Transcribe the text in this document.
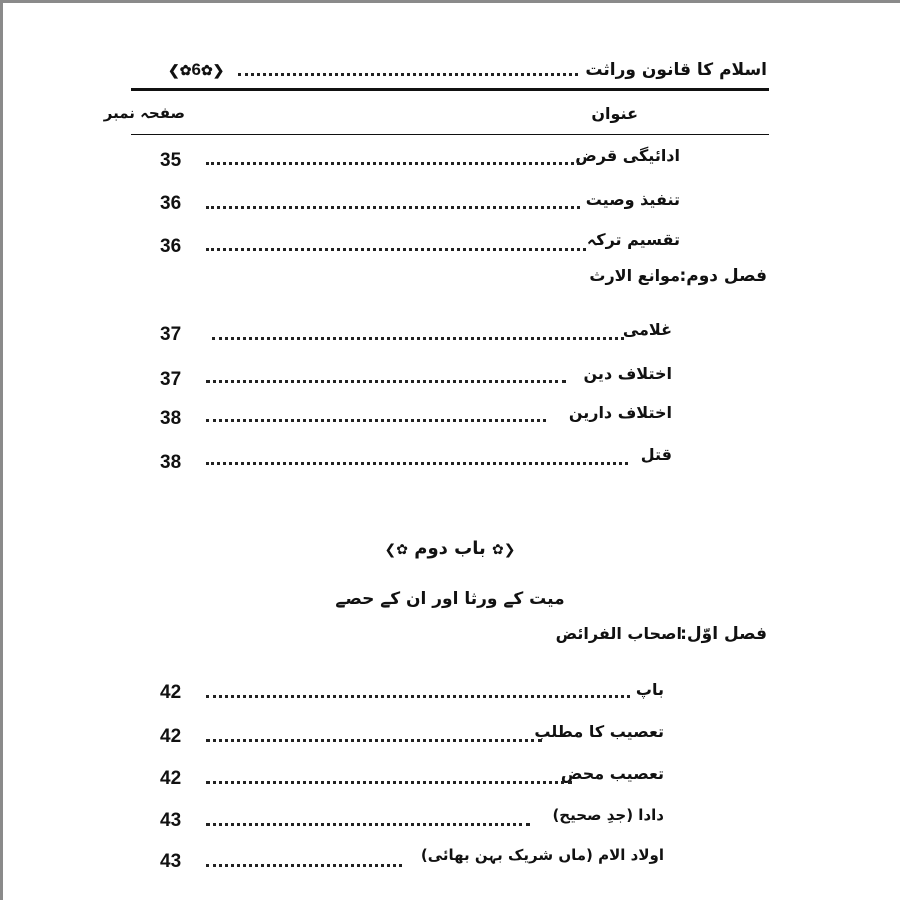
اسلام کا قانون وراثت
❮✿6✿❯
عنوان
صفحہ نمبر
ادائیگی قرض
35
تنفیذ وصیت
36
تقسیم ترکہ
36
فصل دوم:
موانع الارث
غلامی
37
اختلاف دین
37
اختلاف دارین
38
قتل
38
❮✿ باب دوم ✿❯
میت کے ورثا اور ان کے حصے
فصل اوّل:
اصحاب الفرائض
باپ
42
تعصیب کا مطلب
42
تعصیب محض
42
دادا (جدِ صحیح)
43
اولاد الام (ماں شریک بہن بھائی)
43
